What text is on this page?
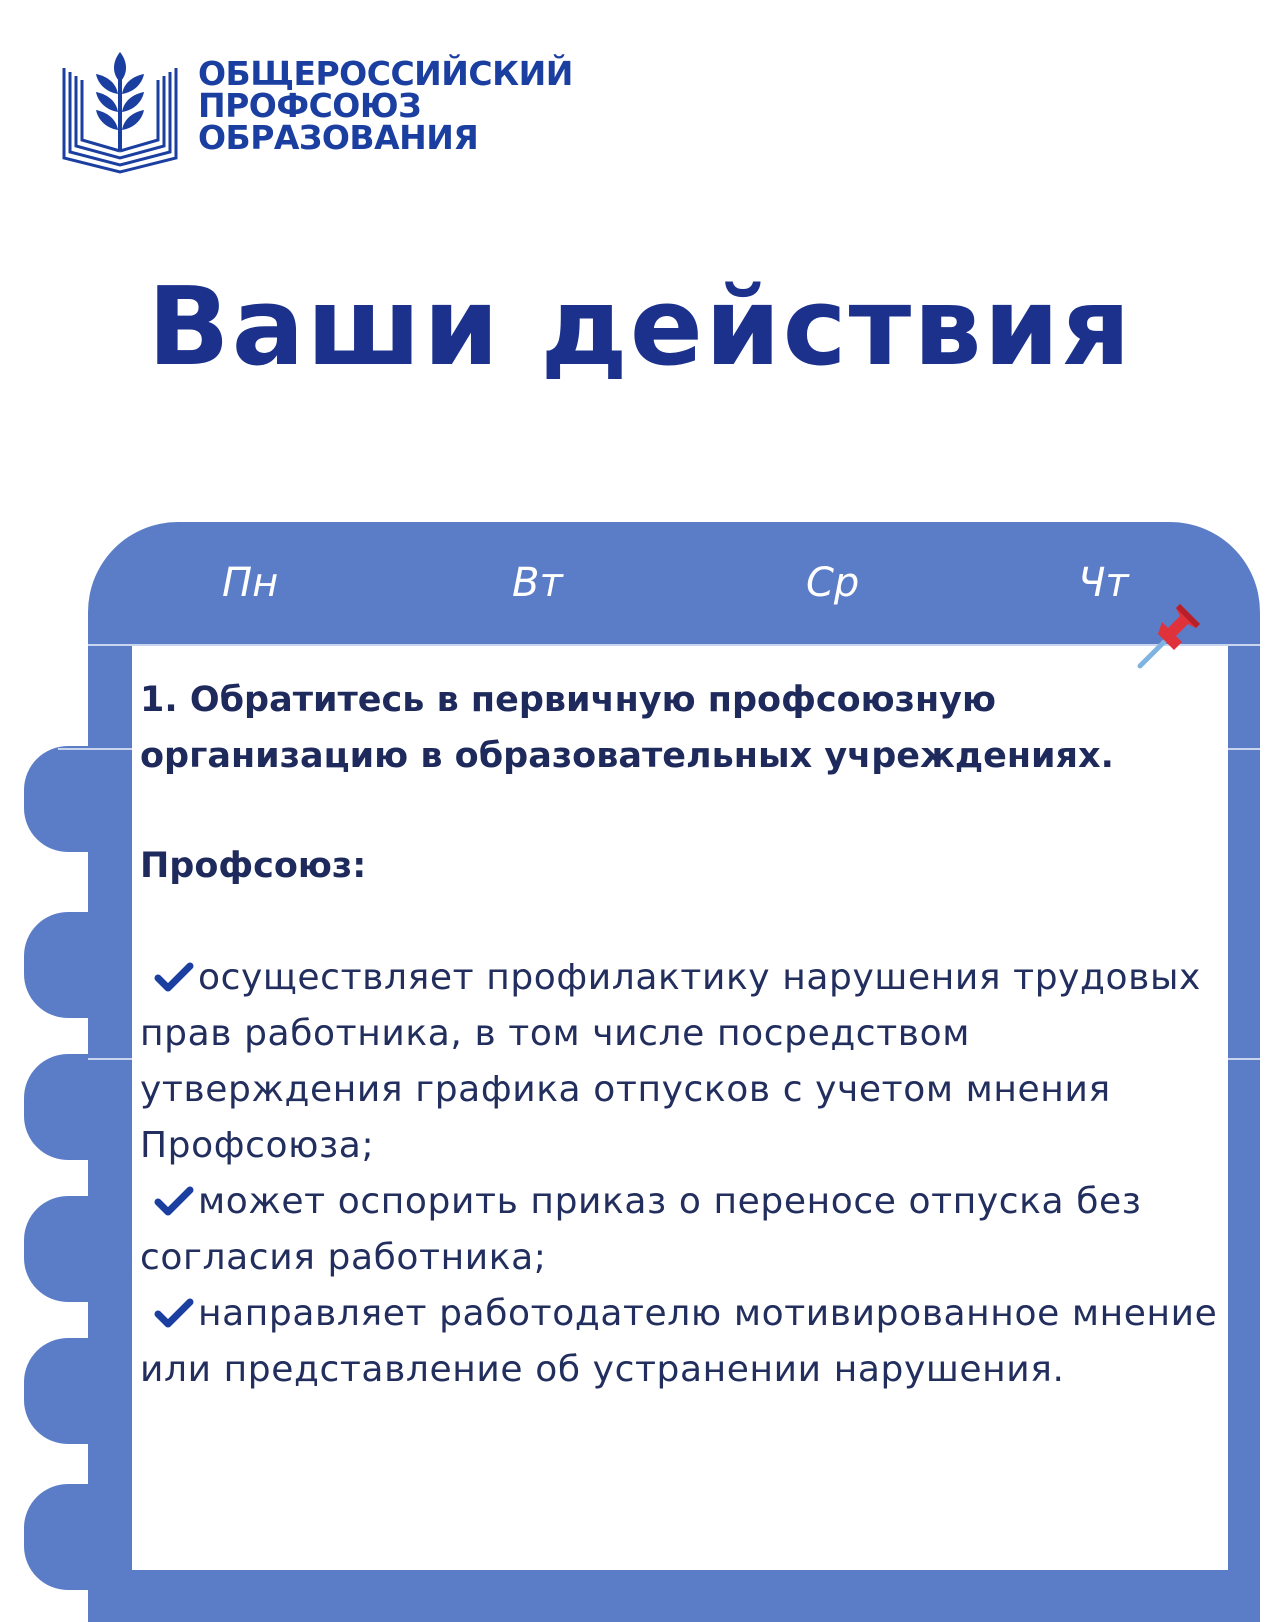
ОБЩЕРОССИЙСКИЙ
ПРОФСОЮЗ
ОБРАЗОВАНИЯ
Ваши действия
Пн	Вт	Ср	Чт

1. Обратитесь в первичную профсоюзную организацию в образовательных учреждениях.

Профсоюз:

осуществляет профилактику нарушения трудовых прав работника, в том числе посредством утверждения графика отпусков с учетом мнения Профсоюза;

может оспорить приказ о переносе отпуска без согласия работника;

направляет работодателю мотивированное мнение или представление об устранении нарушения.
